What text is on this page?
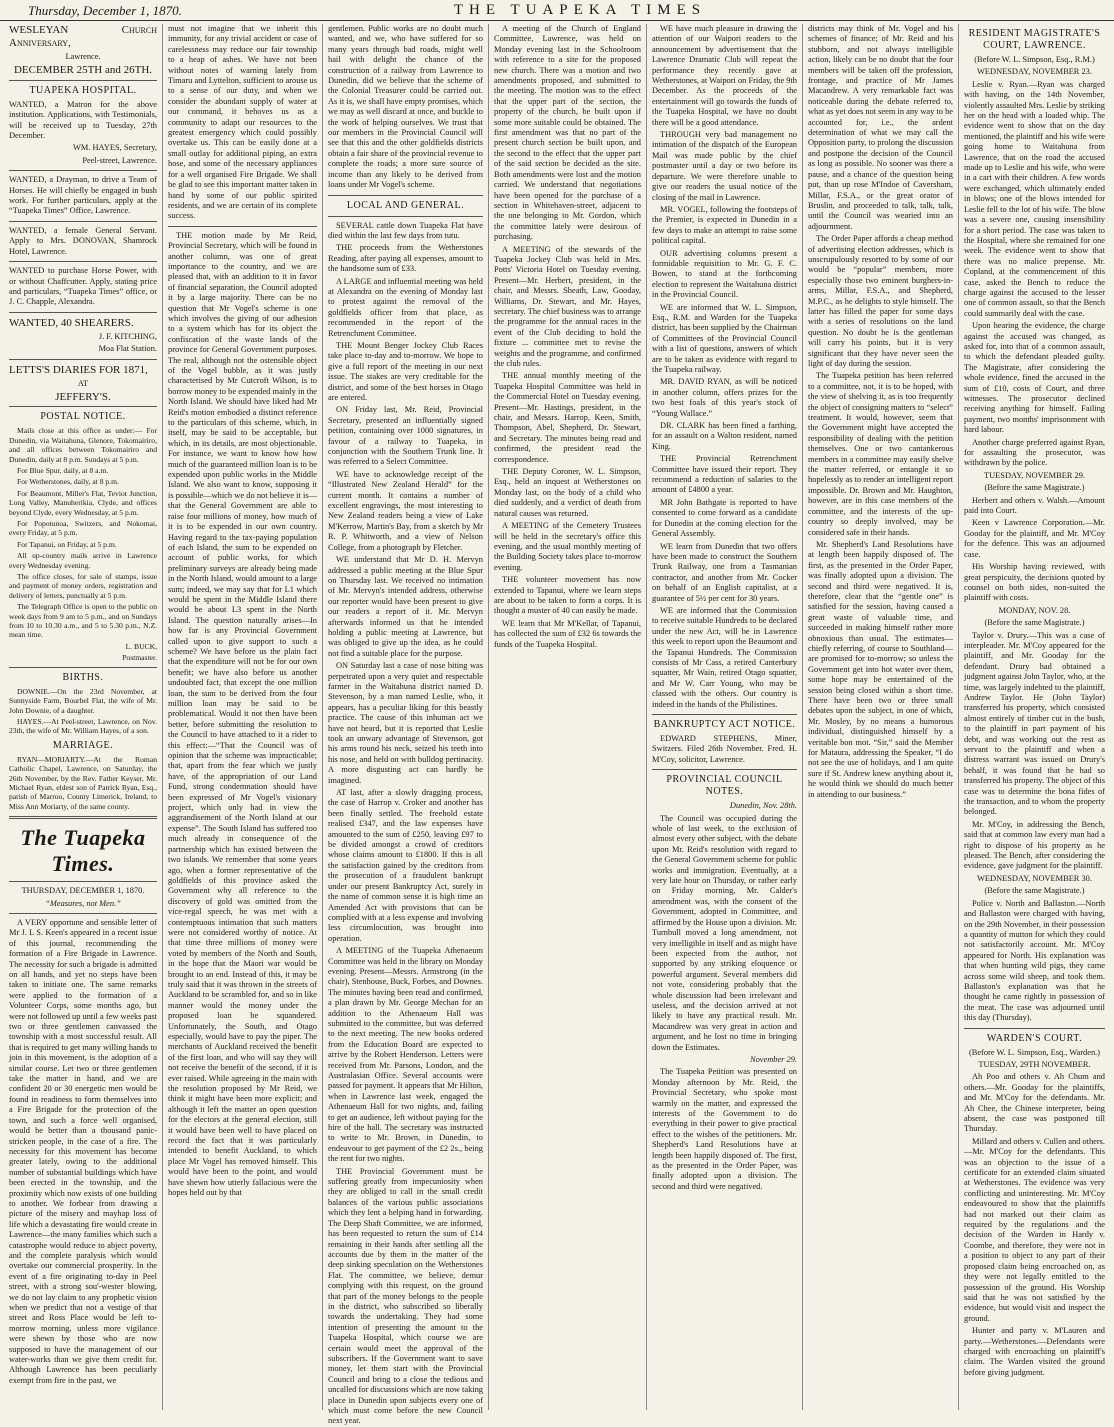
Thursday, December 1, 1870.	THE TUAPEKA TIMES

WESLEYAN Church Anniversary,

Lawrence.

DECEMBER 25TH and 26TH.

TUAPEKA HOSPITAL.

WANTED, a Matron for the above institution. Applications, with Testimonials, will be received up to Tuesday, 27th December.

WM. HAYES, Secretary,

Peel-street, Lawrence.

WANTED, a Drayman, to drive a Team of Horses. He will chiefly be engaged in bush work. For further particulars, apply at the “Tuapeka Times” Office, Lawrence.

WANTED, a female General Servant. Apply to Mrs. DONOVAN, Shamrock Hotel, Lawrence.

WANTED to purchase Horse Power, with or without Chaffcutter. Apply, stating price and particulars, “Tuapeka Times” office, or J. C. Chapple, Alexandra.

WANTED, 40 SHEARERS.

J. F. KITCHING,

Moa Flat Station.

LETTS'S DIARIES FOR 1871,

AT

JEFFERY'S.

POSTAL NOTICE.

Mails close at this office as under:— For Dunedin, via Waitahuna, Glenore, Tokomairiro, and all offices between Tokomairiro and Dunedin, daily at 8 p.m. Sundays at 5 p.m.

For Blue Spur, daily, at 8 a.m.

For Wetherstones, daily, at 8 p.m.

For Beaumont, Miller's Flat, Teviot Junction, Long Valley, Manuherikia, Clyde, and offices beyond Clyde, every Wednesday, at 5 p.m.

For Popotunoa, Switzers, and Nokomai, every Friday, at 5 p.m.

For Tapanui, on Friday, at 5 p.m.

All up-country mails arrive in Lawrence every Wednesday evening.

The office closes, for sale of stamps, issue and payment of money orders, registration and delivery of letters, punctually at 5 p.m.

The Telegraph Office is open to the public on week days from 9 am to 5 p.m., and on Sundays from 10 to 10.30 a.m., and 5 to 5.30 p.m., N.Z. mean time.

L. BUCK,

Postmaster.

BIRTHS.

DOWNIE.—On the 23rd November, at Sunnyside Farm, Bourbel Flat, the wife of Mr. John Downie, of a daughter.

HAYES.—At Peel-street, Lawrence, on Nov. 23th, the wife of Mr. William Hayes, of a son.

MARRIAGE.

RYAN—MORIARTY.—At the Roman Catholic Chapel, Lawrence, on Saturday, the 26th November, by the Rev. Father Keyser, Mr. Michael Ryan, eldest son of Patrick Ryan, Esq., parish of Marroo, County Limerick, Ireland, to Miss Ann Moriarty, of the same county.

The Tuapeka Times.

THURSDAY, DECEMBER 1, 1870.

“Measures, not Men.”

A VERY opportune and sensible letter of Mr J. L S. Keen's appeared in a recent issue of this journal, recommending the formation of a Fire Brigade in Lawrence. The necessity for such a brigade is admitted on all hands, and yet no steps have been taken to initiate one. The same remarks were applied to the formation of a Volunteer Corps, some months ago, but were not followed up until a few weeks past two or three gentlemen canvassed the township with a most successful result. All that is required to get many willing hands to join in this movement, is the adoption of a similar course. Let two or three gentlemen take the matter in hand, and we are confident 20 or 30 energetic men would be found in readiness to form themselves into a Fire Brigade for the protection of the town, and such a force well organised, would be better than a thousand panic-stricken people, in the case of a fire. The necessity for this movement has become greater lately, owing to the additional number of substantial buildings which have been erected in the township, and the proximity which now exists of one building to another. We forbear from drawing a picture of the misery and mayhap loss of life which a devastating fire would create in Lawrence—the many families which such a catastrophe would reduce to abject poverty, and the complete paralysis which would overtake our commercial prosperity. In the event of a fire originating to-day in Peel street, with a strong sou'-wester blowing, we do not lay claim to any prophetic vision when we predict that not a vestige of that street and Ross Place would be left to-morrow morning, unless more vigilance were shewn by those who are now supposed to have the management of our water-works than we give them credit for. Although Lawrence has been peculiarly exempt from fire in the past, we

must not imagine that we inherit this immunity, for any trivial accident or case of carelessness may reduce our fair township to a heap of ashes. We have not been without notes of warning lately from Timaru and Lyttelton, sufficient to arouse us to a sense of our duty, and when we consider the abundant supply of water at our command, it behoves us as a community to adapt our resources to the greatest emergency which could possibly overtake us. This can be easily done at a small outlay for additional piping, an extra hose, and some of the necessary appliances for a well organised Fire Brigade. We shall be glad to see this important matter taken in hand by some of our public spirited residents, and we are certain of its complete success.

THE motion made by Mr Reid, Provincial Secretary, which will be found in another column, was one of great importance to the country, and we are pleased that, with an addition to it in favor of financial separation, the Council adopted it by a large majority. There can be no question that Mr Vogel's scheme is one which involves the giving of our adhesion to a system which has for its object the confiscation of the waste lands of the province for General Government purposes. The real, although not the ostensible object of the Vogel bubble, as it was justly characterised by Mr Cutcroft Wilson, is to borrow money to be expended mainly in the North Island. We should have liked had Mr Reid's motion embodied a distinct reference to the particulars of this scheme, which, in itself, may be said to be acceptable, but which, in its details, are most objectionable. For instance, we want to know how how much of the guaranteed million loan is to be expended upon public works in the Middle Island. We also want to know, supposing it is possible—which we do not believe it is—that the General Government are able to raise four millions of money, how much of it is to be expended in our own country. Having regard to the tax-paying population of each Island, the sum to be expended on account of public works, for which preliminary surveys are already being made in the North Island, would amount to a large sum; indeed, we may say that for L1 which would be spent in the Middle Island there would be about L3 spent in the North Island. The question naturally arises—In how far is any Provincial Government called upon to give support to such a scheme? We have before us the plain fact that the expenditure will not be for our own benefit; we have also before us another undoubted fact, that except the one million loan, the sum to be derived from the four million loan may be said to be problematical. Would it not then have been better, before submitting the resolution to the Council to have attached to it a rider to this effect:—“That the Council was of opinion that the scheme was impracticable; that, apart from the fear which we justly have, of the appropriation of our Land Fund, strong condemnation should have been expressed of Mr Vogel's visionary project, which only had in view the aggrandisement of the North Island at our expense”. The South Island has suffered too much already in consequence of the partnership which has existed between the two islands. We remember that some years ago, when a former representative of the goldfields of this province asked the Government why all reference to the discovery of gold was omitted from the vice-regal speech, he was met with a contemptuous intimation that such matters were not considered worthy of notice. At that time three millions of money were voted by members of the North and South, in the hope that the Maori war would be brought to an end. Instead of this, it may be truly said that it was thrown in the streets of Auckland to be scrambled for, and so in like manner would the money under the proposed loan be squandered. Unfortunately, the South, and Otago especially, would have to pay the piper. The merchants of Auckland received the benefit of the first loan, and who will say they will not receive the benefit of the second, if it is ever raised. While agreeing in the main with the resolution proposed by Mr Reid, we think it might have been more explicit; and although it left the matter an open question for the electors at the general election, still it would have been well to have placed on record the fact that it was particularly intended to benefit Auckland, to which place Mr Vogel has removed himself. This would have been to the point, and would have shewn how utterly fallacious were the hopes held out by that

gentlemen. Public works are no doubt much wanted, and we, who have suffered for so many years through bad roads, might well hail with delight the chance of the construction of a railway from Lawrence to Dunedin, did we believe that the scheme of the Colonial Treasurer could be carried out. As it is, we shall have empty promises, which we may as well discard at once, and buckle to the work of helping ourselves. We trust that our members in the Provincial Council will see that this and the other goldfields districts obtain a fair share of the provincial revenue to complete the roads; a more sure source of income than any likely to be derived from loans under Mr Vogel's scheme.

LOCAL AND GENERAL.

SEVERAL cattle down Tuapeka Flat have died within the last few days from tutu.

THE proceeds from the Wetherstones Reading, after paying all expenses, amount to the handsome sum of £33.

A LARGE and influential meeting was held at Alexandra on the evening of Monday last to protest against the removal of the goldfields officer from that place, as recommended in the report of the Retrenchment Committee.

THE Mount Benger Jockey Club Races take place to-day and to-morrow. We hope to give a full report of the meeting in our next issue. The stakes are very creditable for the district, and some of the best horses in Otago are entered.

ON Friday last, Mr. Reid, Provincial Secretary, presented an influentially signed petition, containing over 1000 signatures, in favour of a railway to Tuapeka, in conjunction with the Southern Trunk line. It was referred to a Select Committee.

WE have to acknowledge receipt of the “Illustrated New Zealand Herald” for the current month. It contains a number of excellent engravings, the most interesting to New Zealand readers being a view of Lake M'Kerrow, Martin's Bay, from a sketch by Mr R. P. Whitworth, and a view of Nelson College, from a photograph by Fletcher.

WE understand that Mr D. H. Mervyn addressed a public meeting at the Blue Spur on Thursday last. We received no intimation of Mr. Mervyn's intended address, otherwise our reporter would have been present to give our readers a report of it. Mr. Mervyn afterwards informed us that he intended holding a public meeting at Lawrence, but was obliged to give up the idea, as he could not find a suitable place for the purpose.

ON Saturday last a case of nose biting was perpetrated upon a very quiet and respectable farmer in the Waitahuna district named D. Stevenson, by a man named Leslie, who, it appears, has a peculiar liking for this beastly practice. The cause of this inhuman act we have not heard, but it is reported that Leslie took an unwary advantage of Stevenson, got his arms round his neck, seized his teeth into his nose, and held on with bulldog pertinacity. A more disgusting act can hardly be imagined.

AT last, after a slowly dragging process, the case of Harrop v. Croker and another has been finally settled. The freehold estate realised £347, and the law expenses have amounted to the sum of £250, leaving £97 to be divided amongst a crowd of creditors whose claims amount to £1800. If this is all the satisfaction gained by the creditors from the prosecution of a fraudulent bankrupt under our present Bankruptcy Act, surely in the name of common sense it is high time an Amended Act with provisions that can be complied with at a less expense and involving less circumlocution, was brought into operation.

A MEETING of the Tuapeka Athenaeum Committee was held in the library on Monday evening. Present—Messrs. Armstrong (in the chair), Stenhouse, Buck, Forbes, and Downes. The minutes having been read and confirmed, a plan drawn by Mr. George Mechan for an addition to the Athenaeum Hall was submitted to the committee, but was deferred to the next meeting. The new books ordered from the Education Board are expected to arrive by the Robert Henderson. Letters were received from Mr. Parsons, London, and the Australasian Office. Several accounts were passed for payment. It appears that Mr Hilton, when in Lawrence last week, engaged the Athenaeum Hall for two nights, and, failing to get an audience, left without paying for the hire of the hall. The secretary was instructed to write to Mr. Brown, in Dunedin, to endeavour to get payment of the £2 2s., being the rent for two nights.

THE Provincial Government must be suffering greatly from impecuniosity when they are obliged to call in the small credit balances of the various public associations which they lent a helping hand in forwarding. The Deep Shaft Committee, we are informed, has been requested to return the sum of £14 remaining in their hands after settling all the accounts due by them in the matter of the deep sinking speculation on the Wetherstones Flat. The committee, we believe, demur complying with this request, on the ground that part of the money belongs to the people in the district, who subscribed so liberally towards the undertaking. They had some intention of presenting the amount to the Tuapeka Hospital, which course we are certain would meet the approval of the subscribers. If the Government want to save money, let them start with the Provincial Council and bring to a close the tedious and uncalled for discussions which are now taking place in Dunedin upon subjects every one of which must come before the new Council next year.

A meeting of the Church of England Committee, Lawrence, was held on Monday evening last in the Schoolroom with reference to a site for the proposed new church. There was a motion and two amendments proposed, and submitted to the meeting. The motion was to the effect that the upper part of the section, the property of the church, be built upon if some more suitable could be obtained. The first amendment was that no part of the present church section be built upon, and the second to the effect that the upper part of the said section be decided as the site. Both amendments were lost and the motion carried. We understand that negotiations have been opened for the purchase of a section in Whitehaven-street, adjacent to the one belonging to Mr. Gordon, which the committee lately were desirous of purchasing.

A MEETING of the stewards of the Tuapeka Jockey Club was held in Mrs. Potts' Victoria Hotel on Tuesday evening. Present—Mr. Herbert, president, in the chair, and Messrs. Sheath, Law, Gooday, Williams, Dr. Stewart, and Mr. Hayes, secretary. The chief business was to arrange the programme for the annual races in the event of the Club deciding to hold the fixture ... committee met to revise the weights and the programme, and confirmed the club rules.

THE annual monthly meeting of the Tuapeka Hospital Committee was held in the Commercial Hotel on Tuesday evening. Present—Mr. Hastings, president, in the chair, and Messrs. Harrop, Keen, Smith, Thompson, Abel, Shepherd, Dr. Stewart, and Secretary. The minutes being read and confirmed, the president read the correspondence.

THE Deputy Coroner, W. L. Simpson, Esq., held an inquest at Wetherstones on Monday last, on the body of a child who died suddenly, and a verdict of death from natural causes was returned.

A MEETING of the Cemetery Trustees will be held in the secretary's office this evening, and the usual monthly meeting of the Building Society takes place to-morrow evening.

THE volunteer movement has now extended to Tapanui, where we learn steps are about to be taken to form a corps. It is thought a muster of 40 can easily be made.

WE learn that Mr M'Kellar, of Tapanui, has collected the sum of £32 6s towards the funds of the Tuapeka Hospital.

WE have much pleasure in drawing the attention of our Waipori readers to the announcement by advertisement that the Lawrence Dramatic Club will repeat the performance they recently gave at Wetherstones, at Waipori on Friday, the 9th December. As the proceeds of the entertainment will go towards the funds of the Tuapeka Hospital, we have no doubt there will be a good attendance.

THROUGH very bad management no intimation of the dispatch of the European Mail was made public by the chief postmaster until a day or two before its departure. We were therefore unable to give our readers the usual notice of the closing of the mail in Lawrence.

MR. VOGEL, following the footsteps of the Premier, is expected in Dunedin in a few days to make an attempt to raise some political capital.

OUR advertising columns present a formidable requisition to Mr. G. F. C. Bowen, to stand at the forthcoming election to represent the Waitahuna district in the Provincial Council.

WE are informed that W. L. Simpson, Esq., R.M. and Warden for the Tuapeka district, has been supplied by the Chairman of Committees of the Provincial Council with a list of questions, answers of which are to be taken as evidence with regard to the Tuapeka railway.

MR. DAVID RYAN, as will be noticed in another column, offers prizes for the two best foals of this year's stock of “Young Wallace.”

DR. CLARK has been fined a farthing, for an assault on a Walton resident, named King.

THE Provincial Retrenchment Committee have issued their report. They recommend a reduction of salaries to the amount of £4800 a year.

MR John Bathgate is reported to have consented to come forward as a candidate for Dunedin at the coming election for the General Assembly.

WE learn from Dunedin that two offers have been made to construct the Southern Trunk Railway, one from a Tasmanian contractor, and another from Mr. Cocker on behalf of an English capitalist, at a guarantee of 5½ per cent for 30 years.

WE are informed that the Commission to receive suitable Hundreds to be declared under the new Act, will be in Lawrence this week to report upon the Beaumont and the Tapanui Hundreds. The Commission consists of Mr Cass, a retired Canterbury squatter, Mr Wain, retired Otago squatter, and Mr W. Carr Young, who may be classed with the others. Our country is indeed in the hands of the Philistines.

BANKRUPTCY ACT NOTICE.

EDWARD STEPHENS, Miner, Switzers. Filed 26th November. Fred. H. M'Coy, solicitor, Lawrence.

PROVINCIAL COUNCIL NOTES.

Dunedin, Nov. 28th.

The Council was occupied during the whole of last week, to the exclusion of almost every other subject, with the debate upon Mr. Reid's resolution with regard to the General Government scheme for public works and immigration. Eventually, at a very late hour on Thursday, or rather early on Friday morning, Mr. Calder's amendment was, with the consent of the Government, adopted in Committee, and affirmed by the House upon a division. Mr. Turnbull moved a long amendment, not very intelligible in itself and as might have been expected from the author, not supported by any striking eloquence or powerful argument. Several members did not vote, considering probably that the whole discussion had been irrelevant and useless, and the decision arrived at not likely to have any practical result. Mr. Macandrew was very great in action and argument, and he lost no time in bringing down the Estimates.

November 29.

The Tuapeka Petition was presented on Monday afternoon by Mr. Reid, the Provincial Secretary, who spoke most warmly on the matter, and expressed the interests of the Government to do everything in their power to give practical effect to the wishes of the petitioners. Mr. Shepherd's Land Resolutions have at length been happily disposed of. The first, as the presented in the Order Paper, was finally adopted upon a division. The second and third were negatived.

districts may think of Mr. Vogel and his schemes of finance; of Mr. Reid and his stubborn, and not always intelligible action, likely can be no doubt that the four members will be taken off the profession, frontage, and practice of Mr James Macandrew. A very remarkable fact was noticeable during the debate referred to, what as yet does not seem in any way to be accounted for, i.e., the ardent determination of what we may call the Opposition party, to prolong the discussion and postpone the decision of the Council as long as possible. No sooner was there a pause, and a chance of the question being put, than up rose M'Indoe of Caversham, Millar, F.S.A., or the great orator of Bruslin, and proceeded to talk, talk, talk, until the Council was wearied into an adjournment.

The Order Paper affords a cheap method of advertising election addresses, which is unscrupulously resorted to by some of our would be “popular” members, more especially those two eminent burghers-in-arms, Millar, F.S.A., and Shepherd, M.P.C., as he delights to style himself. The latter has filled the paper for some days with a series of resolutions on the land question. No doubt he is the gentleman will carry his points, but it is very significant that they have never seen the light of day during the session.

The Tuapeka petition has been referred to a committee, not, it is to be hoped, with the view of shelving it, as is too frequently the object of consigning matters to “select” treatment. It would, however, seem that the Government might have accepted the responsibility of dealing with the petition themselves. One or two cantankerous members in a committee may easily shelve the matter referred, or entangle it so hopelessly as to render an intelligent report impossible. Dr. Brown and Mr. Haughton, however, are in this case members of the committee, and the interests of the up-country so deeply involved, may be considered safe in their hands.

Mr. Shepherd's Land Resolutions have at length been happily disposed of. The first, as the presented in the Order Paper, was finally adopted upon a division. The second and third were negatived. It is, therefore, clear that the “gentle one” is satisfied for the session, having caused a great waste of valuable time, and succeeded in making himself rather more obnoxious than usual. The estimates—chiefly referring, of course to Southland—are promised for to-morrow; so unless the Government get into hot water over them, some hope may be entertained of the session being closed within a short time. There have been two or three small debates upon the subject, in one of which, Mr. Mosley, by no means a humorous individual, distinguished himself by a veritable bon mot. “Sir,” said the Member for Mataura, addressing the Speaker, “I do not see the use of holidays, and I am quite sure if St. Andrew knew anything about it, he would think we should do much better in attending to our business.”

RESIDENT MAGISTRATE'S COURT, LAWRENCE.

(Before W. L. Simpson, Esq., R.M.)

WEDNESDAY, NOVEMBER 23.

Leslie v. Ryan.—Ryan was charged with having, on the 14th November, violently assaulted Mrs. Leslie by striking her on the head with a loaded whip. The evidence went to show that on the day mentioned, the plaintiff and his wife were going home to Waitahuna from Lawrence, that on the road the accused made up to Leslie and his wife, who were in a cart with their children. A few words were exchanged, which ultimately ended in blows; one of the blows intended for Leslie fell to the lot of his wife. The blow was a severe one, causing insensibility for a short period. The case was taken to the Hospital, where she remained for one week. The evidence went to show that there was no malice prepense. Mr. Copland, at the commencement of this case, asked the Bench to reduce the charge against the accused to the lesser one of common assault, so that the Bench could summarily deal with the case.

Upon hearing the evidence, the charge against the accused was changed, as asked for, into that of a common assault, to which the defendant pleaded guilty. The Magistrate, after considering the whole evidence, fined the accused in the sum of £10, costs of Court, and three witnesses. The prosecutor declined receiving anything for himself. Failing payment, two months' imprisonment with hard labour.

Another charge preferred against Ryan, for assaulting the prosecutor, was withdrawn by the police.

TUESDAY, NOVEMBER 29.

(Before the same Magistrate.)

Herbert and others v. Walsh.—Amount paid into Court.

Keen v Lawrence Corporation.—Mr. Gooday for the plaintiff, and Mr. M'Coy for the defence. This was an adjourned case.

His Worship having reviewed, with great perspicuity, the decisions quoted by counsel on both sides, non-suited the plaintiff with costs.

MONDAY, NOV. 28.

(Before the same Magistrate.)

Taylor v. Drury.—This was a case of interpleader. Mr. M'Coy appeared for the plaintiff, and Mr. Gooday for the defendant. Drury had obtained a judgment against John Taylor, who, at the time, was largely indebted to the plaintiff, Andrew Taylor. He (John Taylor) transferred his property, which consisted almost entirely of timber cut in the bush, to the plaintiff in part payment of his debt, and was working out the rest as servant to the plaintiff and when a distress warrant was issued on Drury's behalf, it was found that he had so transferred his property. The object of this case was to determine the bona fides of the transaction, and to whom the property belonged.

Mr. M'Coy, in addressing the Bench, said that at common law every man had a right to dispose of his property as he pleased. The Bench, after considering the evidence, gave judgment for the plaintiff.

WEDNESDAY, NOVEMBER 30.

(Before the same Magistrate.)

Police v. North and Ballaston.—North and Ballaston were charged with having, on the 29th November, in their possession a quantity of mutton for which they could not satisfactorily account. Mr. M'Coy appeared for North. His explanation was that when hunting wild pigs, they came across some wild sheep, and took them. Ballaston's explanation was that he thought he came rightly in possession of the meat. The case was adjourned until this day (Thursday).

WARDEN'S COURT.

(Before W. L. Simpson, Esq., Warden.)

TUESDAY, 29TH NOVEMBER.

Ah Poo and others v. Ah Chum and others.—Mr. Gooday for the plaintiffs, and Mr. M'Coy for the defendants. Mr. Ah Chee, the Chinese interpreter, being absent, the case was postponed till Thursday.

Millard and others v. Cullen and others.—Mr. M'Coy for the defendants. This was an objection to the issue of a certificate for an extended claim situated at Wetherstones. The evidence was very conflicting and uninteresting. Mr. M'Coy endeavoured to show that the plaintiffs had not marked out their claim as required by the regulations and the decision of the Warden in Hardy v. Coombe, and therefore, they were not in a position to object to any part of their proposed claim being encroached on, as they were not legally entitled to the possession of the ground. His Worship said that he was not satisfied by the evidence, but would visit and inspect the ground.

Hunter and party v. M'Lauren and party.—Wetherstones.—Defendants were charged with encroaching on plaintiff's claim. The Warden visited the ground before giving judgment.
